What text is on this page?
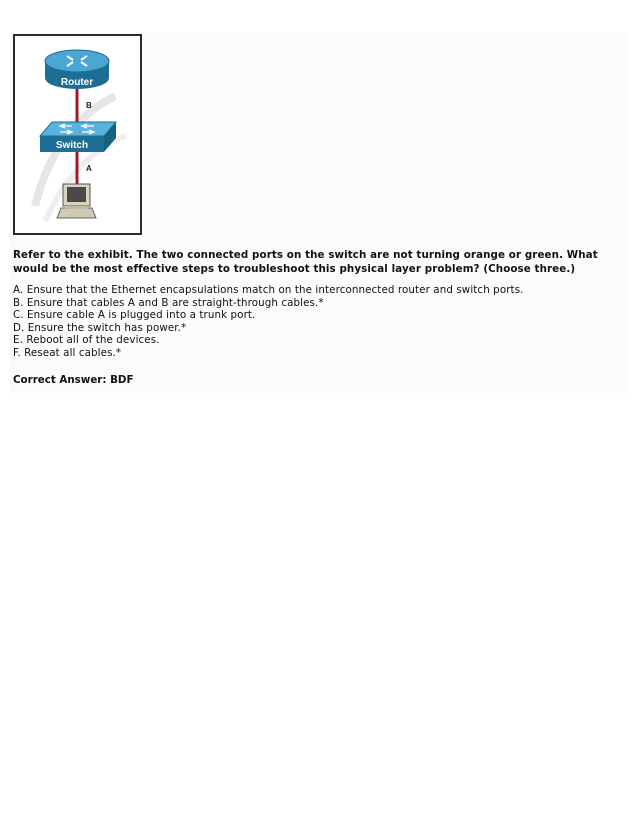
B
A
Router
Switch
Refer to the exhibit. The two connected ports on the switch are not turning orange or green. What would be the most effective steps to troubleshoot this physical layer problem? (Choose three.)
A. Ensure that the Ethernet encapsulations match on the interconnected router and switch ports.
B. Ensure that cables A and B are straight-through cables.*
C. Ensure cable A is plugged into a trunk port.
D. Ensure the switch has power.*
E. Reboot all of the devices.
F. Reseat all cables.*
Correct Answer: BDF
